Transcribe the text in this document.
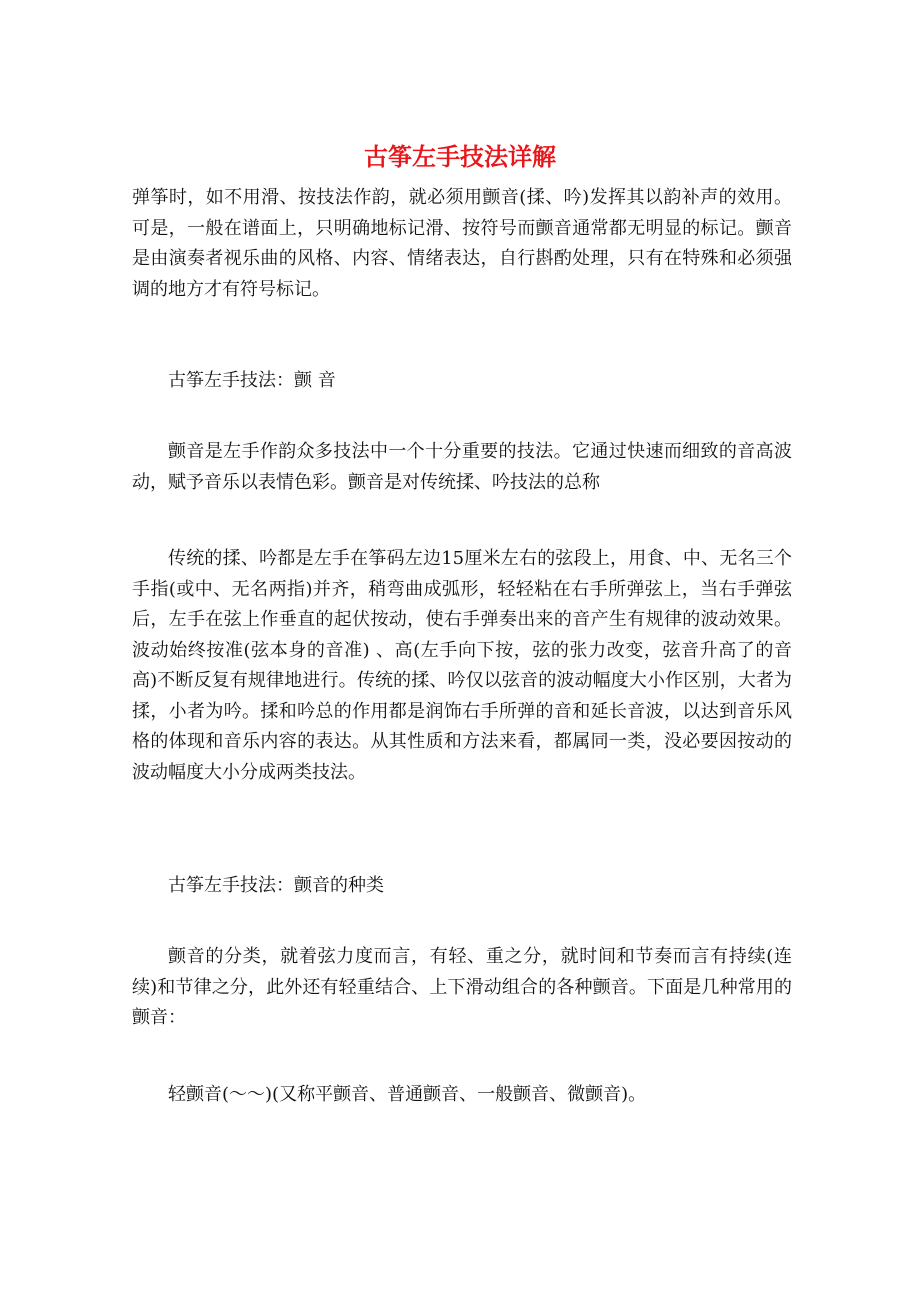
古筝左手技法详解

弹筝时，如不用滑、按技法作韵，就必须用颤音(揉、吟)发挥其以韵补声的效用。可是，一般在谱面上，只明确地标记滑、按符号而颤音通常都无明显的标记。颤音是由演奏者视乐曲的风格、内容、情绪表达，自行斟酌处理，只有在特殊和必须强调的地方才有符号标记。

古筝左手技法：颤 音

颤音是左手作韵众多技法中一个十分重要的技法。它通过快速而细致的音高波动，赋予音乐以表情色彩。颤音是对传统揉、吟技法的总称

传统的揉、吟都是左手在筝码左边15厘米左右的弦段上，用食、中、无名三个手指(或中、无名两指)并齐，稍弯曲成弧形，轻轻粘在右手所弹弦上，当右手弹弦后，左手在弦上作垂直的起伏按动，使右手弹奏出来的音产生有规律的波动效果。波动始终按准(弦本身的音准) 、高(左手向下按，弦的张力改变，弦音升高了的音高)不断反复有规律地进行。传统的揉、吟仅以弦音的波动幅度大小作区别，大者为揉，小者为吟。揉和吟总的作用都是润饰右手所弹的音和延长音波，以达到音乐风格的体现和音乐内容的表达。从其性质和方法来看，都属同一类，没必要因按动的波动幅度大小分成两类技法。

古筝左手技法：颤音的种类

颤音的分类，就着弦力度而言，有轻、重之分，就时间和节奏而言有持续(连续)和节律之分，此外还有轻重结合、上下滑动组合的各种颤音。下面是几种常用的颤音：

轻颤音(～～)(又称平颤音、普通颤音、一般颤音、微颤音)。
